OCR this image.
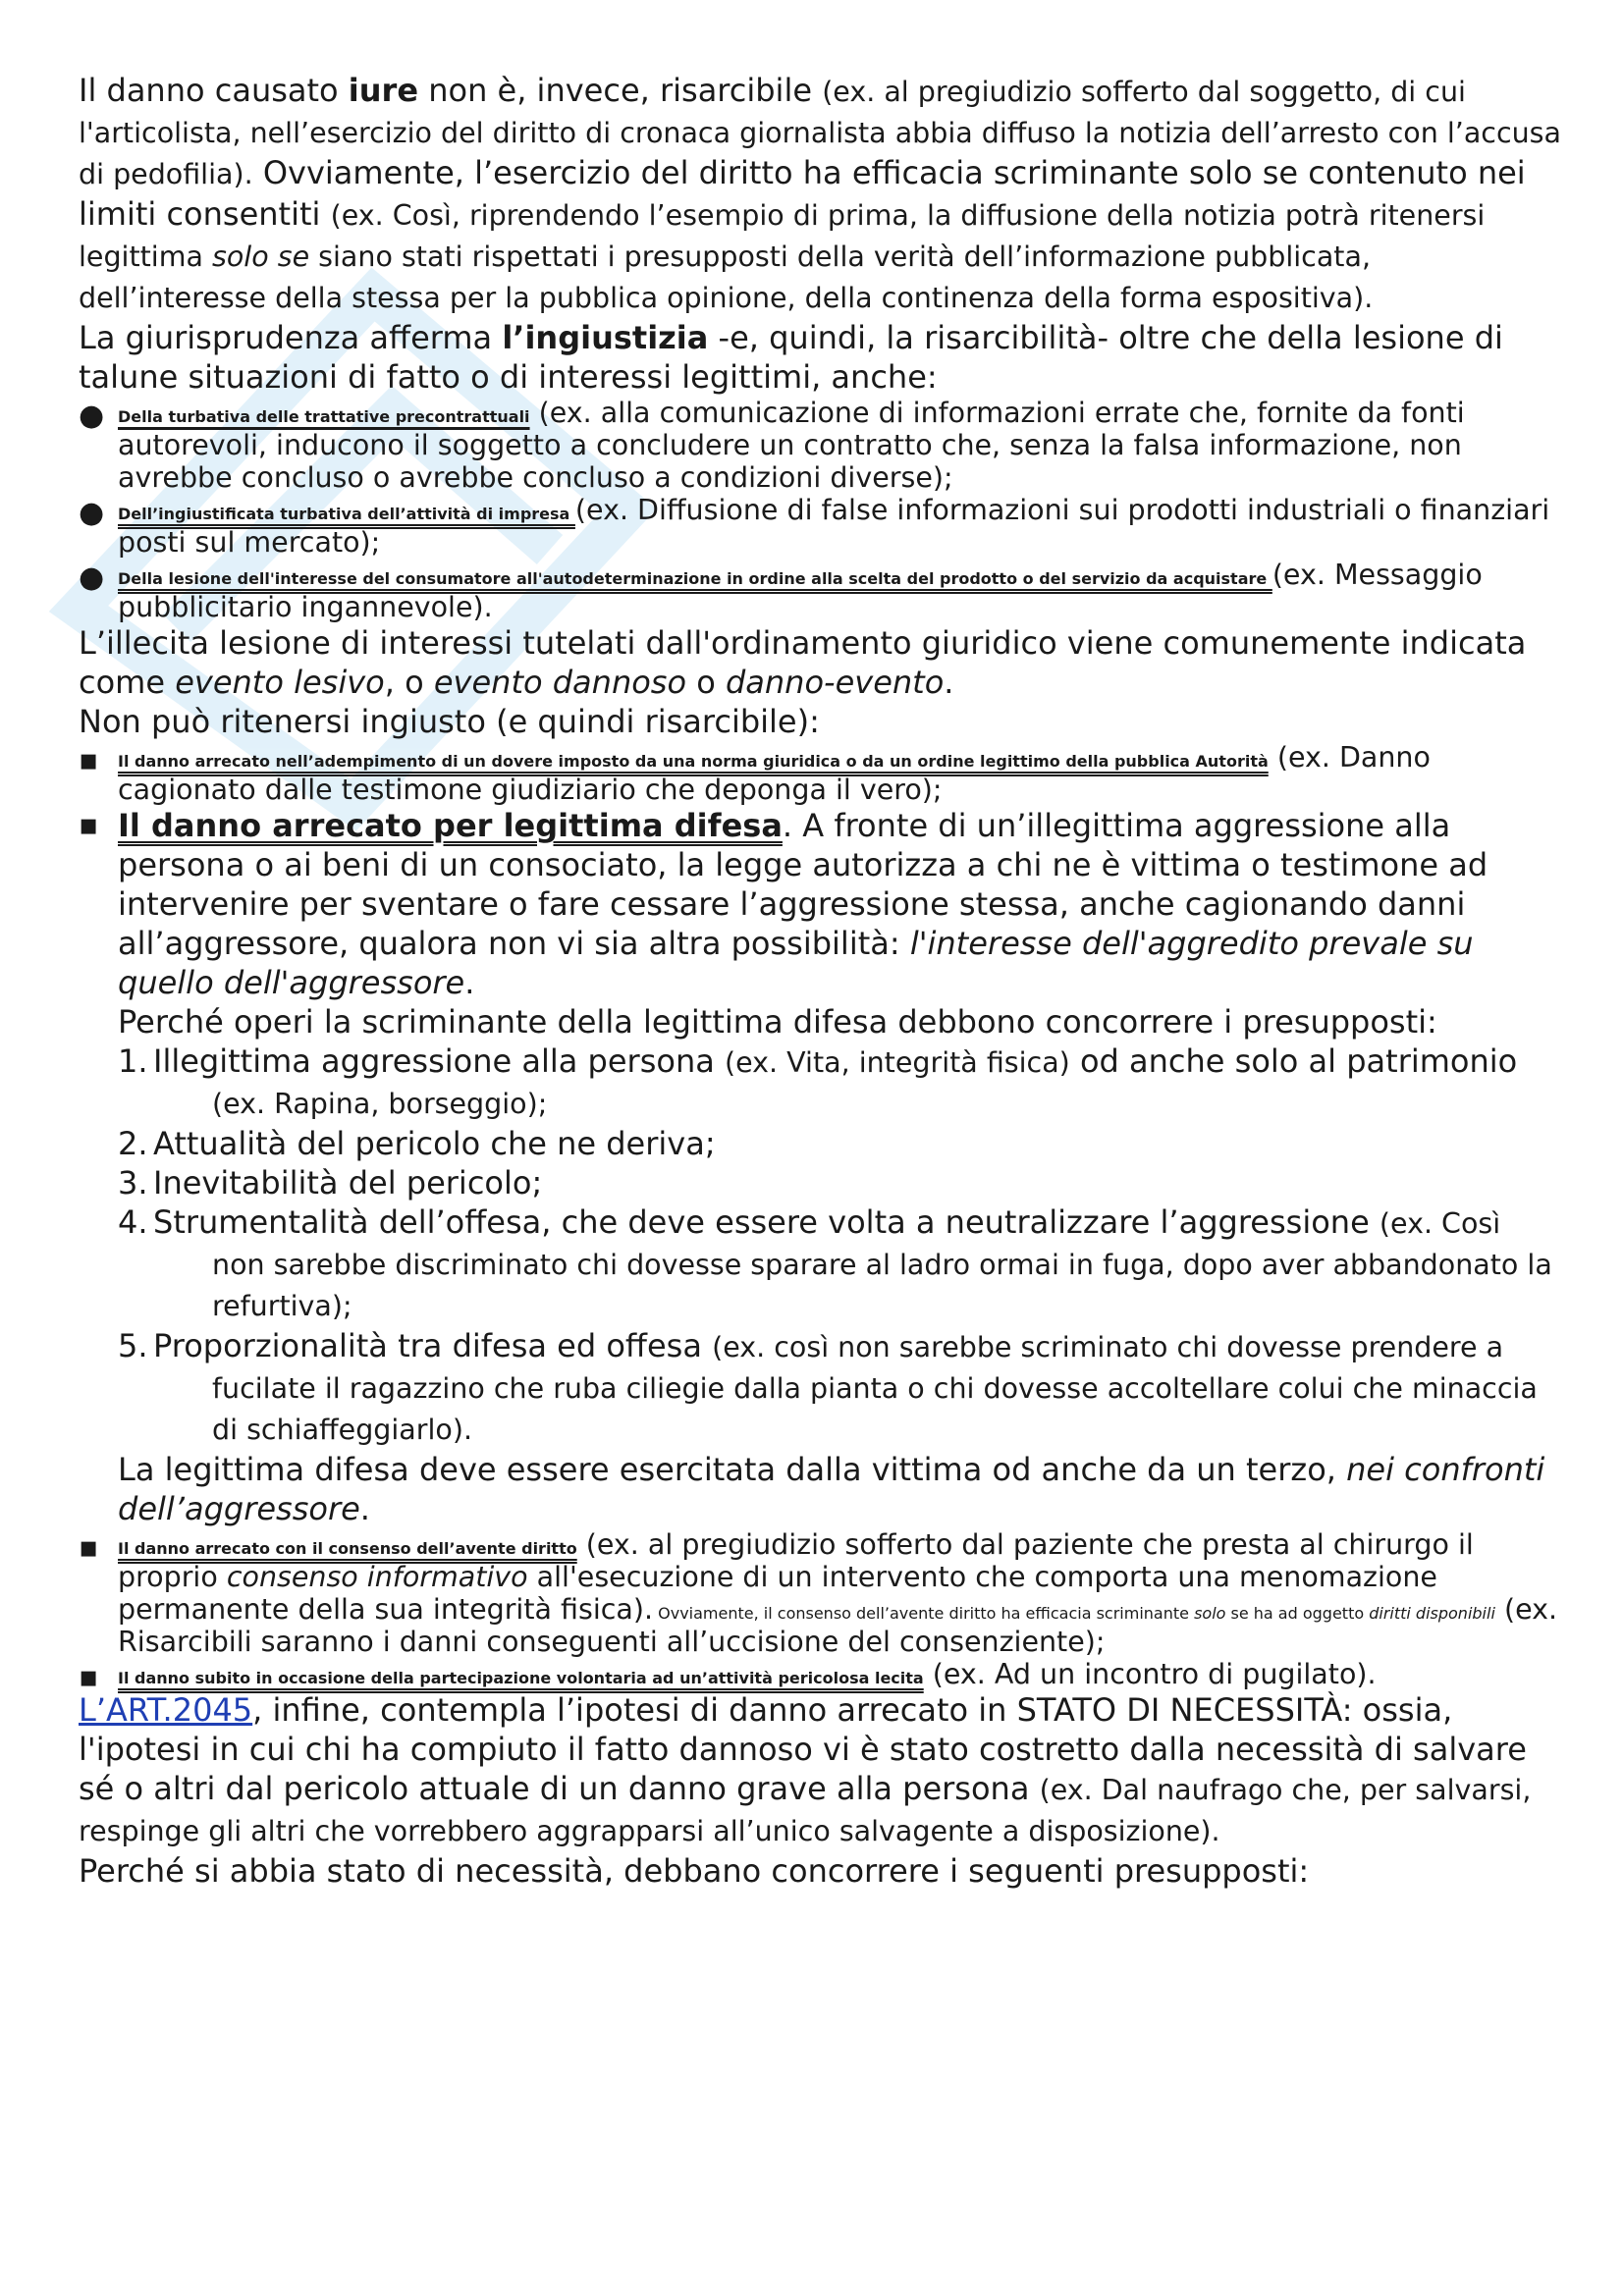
Il danno causato iure non è, invece, risarcibile (ex. al pregiudizio sofferto dal soggetto, di cui l'articolista, nell’esercizio del diritto di cronaca giornalista abbia diffuso la notizia dell’arresto con l’accusa di pedofilia). Ovviamente, l’esercizio del diritto ha efficacia scriminante solo se contenuto nei limiti consentiti (ex. Così, riprendendo l’esempio di prima, la diffusione della notizia potrà ritenersi legittima solo se siano stati rispettati i presupposti della verità dell’informazione pubblicata, dell’interesse della stessa per la pubblica opinione, della continenza della forma espositiva).

La giurisprudenza afferma l’ingiustizia -e, quindi, la risarcibilità- oltre che della lesione di talune situazioni di fatto o di interessi legittimi, anche:

● Della turbativa delle trattative precontrattuali (ex. alla comunicazione di informazioni errate che, fornite da fonti autorevoli, inducono il soggetto a concludere un contratto che, senza la falsa informazione, non avrebbe concluso o avrebbe concluso a condizioni diverse);
● Dell’ingiustificata turbativa dell’attività di impresa (ex. Diffusione di false informazioni sui prodotti industriali o finanziari posti sul mercato);
● Della lesione dell'interesse del consumatore all'autodeterminazione in ordine alla scelta del prodotto o del servizio da acquistare (ex. Messaggio pubblicitario ingannevole).

L’illecita lesione di interessi tutelati dall'ordinamento giuridico viene comunemente indicata come evento lesivo, o evento dannoso o danno-evento.

Non può ritenersi ingiusto (e quindi risarcibile):

▪ Il danno arrecato nell’adempimento di un dovere imposto da una norma giuridica o da un ordine legittimo della pubblica Autorità (ex. Danno cagionato dalle testimone giudiziario che deponga il vero);
▪ Il danno arrecato per legittima difesa. A fronte di un’illegittima aggressione alla persona o ai beni di un consociato, la legge autorizza a chi ne è vittima o testimone ad intervenire per sventare o fare cessare l’aggressione stessa, anche cagionando danni all’aggressore, qualora non vi sia altra possibilità: l'interesse dell'aggredito prevale su quello dell'aggressore.
Perché operi la scriminante della legittima difesa debbono concorrere i presupposti:
1. Illegittima aggressione alla persona (ex. Vita, integrità fisica) od anche solo al patrimonio (ex. Rapina, borseggio);
2. Attualità del pericolo che ne deriva;
3. Inevitabilità del pericolo;
4. Strumentalità dell’offesa, che deve essere volta a neutralizzare l’aggressione (ex. Così non sarebbe discriminato chi dovesse sparare al ladro ormai in fuga, dopo aver abbandonato la refurtiva);
5. Proporzionalità tra difesa ed offesa (ex. così non sarebbe scriminato chi dovesse prendere a fucilate il ragazzino che ruba ciliegie dalla pianta o chi dovesse accoltellare colui che minaccia di schiaffeggiarlo).
La legittima difesa deve essere esercitata dalla vittima od anche da un terzo, nei confronti dell’aggressore.
▪ Il danno arrecato con il consenso dell’avente diritto (ex. al pregiudizio sofferto dal paziente che presta al chirurgo il proprio consenso informativo all'esecuzione di un intervento che comporta una menomazione permanente della sua integrità fisica). Ovviamente, il consenso dell’avente diritto ha efficacia scriminante solo se ha ad oggetto diritti disponibili (ex. Risarcibili saranno i danni conseguenti all’uccisione del consenziente);
▪ Il danno subito in occasione della partecipazione volontaria ad un’attività pericolosa lecita (ex. Ad un incontro di pugilato).

L’ART.2045, infine, contempla l’ipotesi di danno arrecato in STATO DI NECESSITÀ: ossia, l'ipotesi in cui chi ha compiuto il fatto dannoso vi è stato costretto dalla necessità di salvare sé o altri dal pericolo attuale di un danno grave alla persona (ex. Dal naufrago che, per salvarsi, respinge gli altri che vorrebbero aggrapparsi all’unico salvagente a disposizione).

Perché si abbia stato di necessità, debbano concorrere i seguenti presupposti:
